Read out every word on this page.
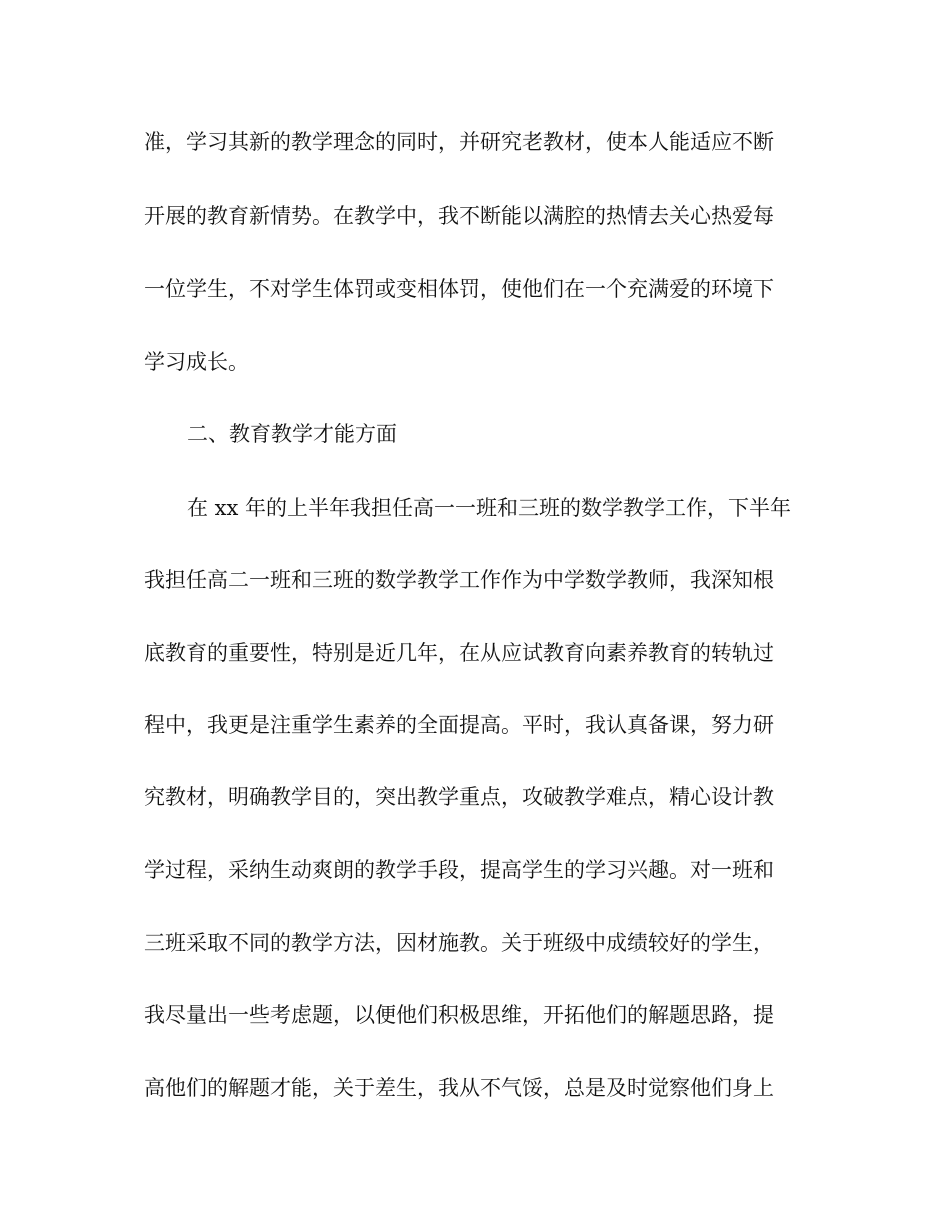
准，学习其新的教学理念的同时，并研究老教材，使本人能适应不断

开展的教育新情势。在教学中，我不断能以满腔的热情去关心热爱每

一位学生，不对学生体罚或变相体罚，使他们在一个充满爱的环境下

学习成长。

二、教育教学才能方面

在 xx 年的上半年我担任高一一班和三班的数学教学工作，下半年

我担任高二一班和三班的数学教学工作作为中学数学教师，我深知根

底教育的重要性，特别是近几年，在从应试教育向素养教育的转轨过

程中，我更是注重学生素养的全面提高。平时，我认真备课，努力研

究教材，明确教学目的，突出教学重点，攻破教学难点，精心设计教

学过程，采纳生动爽朗的教学手段，提高学生的学习兴趣。对一班和

三班采取不同的教学方法，因材施教。关于班级中成绩较好的学生，

我尽量出一些考虑题，以便他们积极思维，开拓他们的解题思路，提

高他们的解题才能，关于差生，我从不气馁，总是及时觉察他们身上
